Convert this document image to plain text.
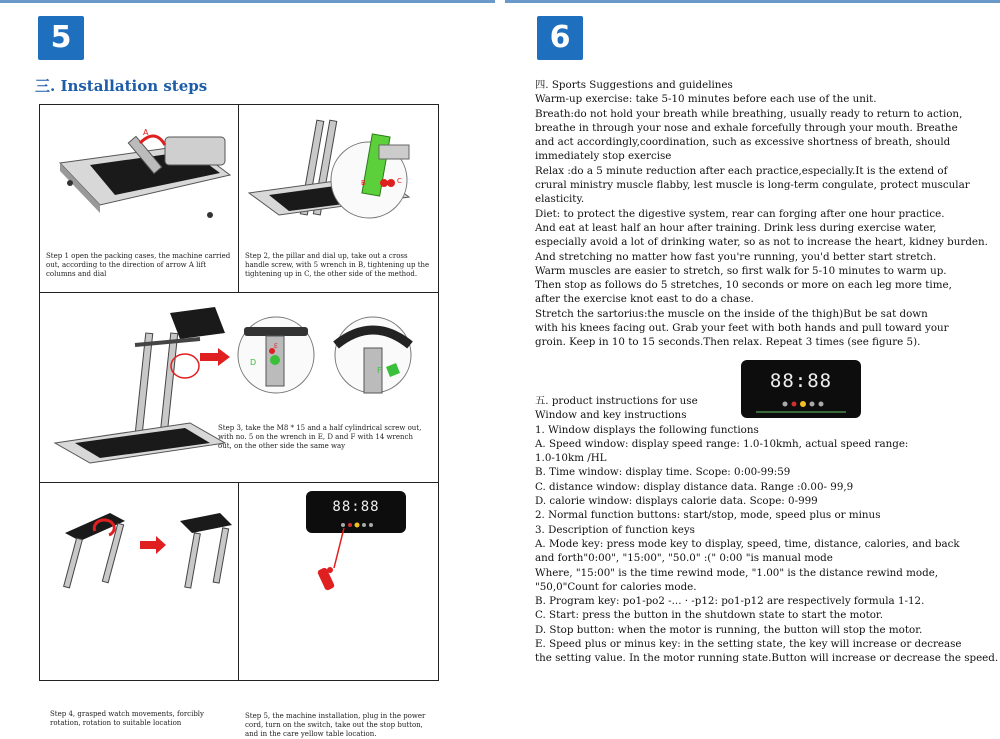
5
三. Installation steps
A
Step 1 open the packing cases, the machine carried
out, according to the direction of arrow A lift
columns and dial
B	C
Step 2, the pillar and dial up, take out a cross
handle screw, with 5 wrench in B, tightening up the
tightening up in C, the other side of the method.
D
E
F
Step 3, take the M8 * 15 and a half cylindrical screw out,
with no. 5 on the wrench in E, D and F with 14 wrench
out, on the other side the same way
Step 4, grasped watch movements, forcibly
rotation, rotation to suitable location
88:88
Step 5, the machine installation, plug in the power
cord, turn on the switch, take out the stop button,
and in the care yellow table location.
6
四. Sports Suggestions and guidelines
Warm-up exercise: take 5-10 minutes before each use of the unit.
Breath:do not hold your breath while breathing, usually ready to return to action,
breathe in through your nose and exhale forcefully through your mouth. Breathe
and act accordingly,coordination, such as excessive shortness of breath, should
immediately stop exercise
Relax :do a 5 minute reduction after each practice,especially.It is the extend of
crural ministry muscle flabby, lest muscle is long-term congulate, protect muscular
elasticity.
Diet: to protect the digestive system, rear can forging after one hour practice.
And eat at least half an hour after training. Drink less during exercise water,
especially avoid a lot of drinking water, so as not to increase the heart, kidney burden.
And stretching no matter how fast you're running, you'd better start stretch.
Warm muscles are easier to stretch, so first walk for 5-10 minutes to warm up.
Then stop as follows do 5 stretches, 10 seconds or more on each leg more time,
after the exercise knot east to do a chase.
Stretch the sartorius:the muscle on the inside of the thigh)But be sat down
with his knees facing out. Grab your feet with both hands and pull toward your
groin. Keep in 10 to 15 seconds.Then relax. Repeat 3 times (see figure 5).
88:88
五. product instructions for use
Window and key instructions
1. Window displays the following functions
A. Speed window: display speed range: 1.0-10kmh, actual speed range:
1.0-10km /HL
B. Time window: display time. Scope: 0:00-99:59
C. distance window: display distance data. Range :0.00- 99,9
D. calorie window: displays calorie data. Scope: 0-999
2. Normal function buttons: start/stop, mode, speed plus or minus
3. Description of function keys
A. Mode key: press mode key to display, speed, time, distance, calories, and back
and forth"0:00", "15:00", "50.0" :(" 0:00 "is manual mode
Where, "15:00" is the time rewind mode, "1.00" is the distance rewind mode,
"50,0"Count for calories mode.
B. Program key: po1-po2 -... · -p12: po1-p12 are respectively formula 1-12.
C. Start: press the button in the shutdown state to start the motor.
D. Stop button: when the motor is running, the button will stop the motor.
E. Speed plus or minus key: in the setting state, the key will increase or decrease
the setting value. In the motor running state.Button will increase or decrease the speed.
